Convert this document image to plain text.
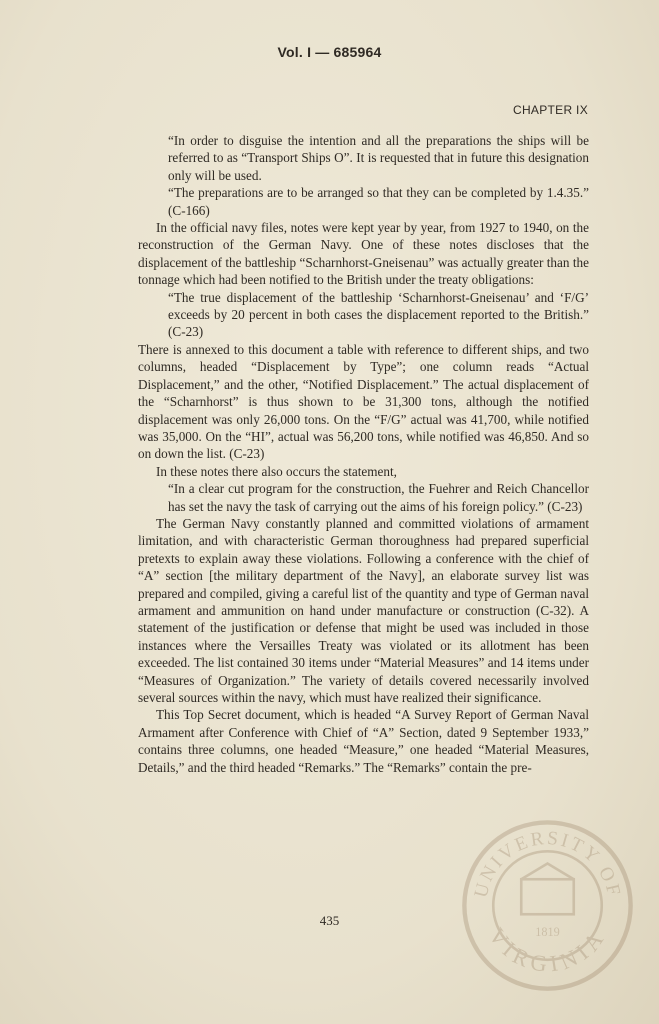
Vol. I — 685964
CHAPTER IX

“In order to disguise the intention and all the preparations the ships will be referred to as “Transport Ships O”. It is requested that in future this designation only will be used.

“The preparations are to be arranged so that they can be completed by 1.4.35.” (C-166)

In the official navy files, notes were kept year by year, from 1927 to 1940, on the reconstruction of the German Navy. One of these notes discloses that the displacement of the battleship “Scharnhorst-Gneisenau” was actually greater than the tonnage which had been notified to the British under the treaty obligations:

“The true displacement of the battleship ‘Scharnhorst-Gneisenau’ and ‘F/G’ exceeds by 20 percent in both cases the displacement reported to the British.” (C-23)

There is annexed to this document a table with reference to different ships, and two columns, headed “Displacement by Type”; one column reads “Actual Displacement,” and the other, “Notified Displacement.” The actual displacement of the “Scharnhorst” is thus shown to be 31,300 tons, although the notified displacement was only 26,000 tons. On the “F/G” actual was 41,700, while notified was 35,000. On the “HI”, actual was 56,200 tons, while notified was 46,850. And so on down the list. (C-23)

In these notes there also occurs the statement,

“In a clear cut program for the construction, the Fuehrer and Reich Chancellor has set the navy the task of carrying out the aims of his foreign policy.” (C-23)

The German Navy constantly planned and committed violations of armament limitation, and with characteristic German thoroughness had prepared superficial pretexts to explain away these violations. Following a conference with the chief of “A” section [the military department of the Navy], an elaborate survey list was prepared and compiled, giving a careful list of the quantity and type of German naval armament and ammunition on hand under manufacture or construction (C-32). A statement of the justification or defense that might be used was included in those instances where the Versailles Treaty was violated or its allotment has been exceeded. The list contained 30 items under “Material Measures” and 14 items under “Measures of Organization.” The variety of details covered necessarily involved several sources within the navy, which must have realized their significance.

This Top Secret document, which is headed “A Survey Report of German Naval Armament after Conference with Chief of “A” Section, dated 9 September 1933,” contains three columns, one headed “Measure,” one headed “Material Measures, Details,” and the third headed “Remarks.” The “Remarks” contain the pre-

435
UNIVERSITY OF
VIRGINIA
1819
